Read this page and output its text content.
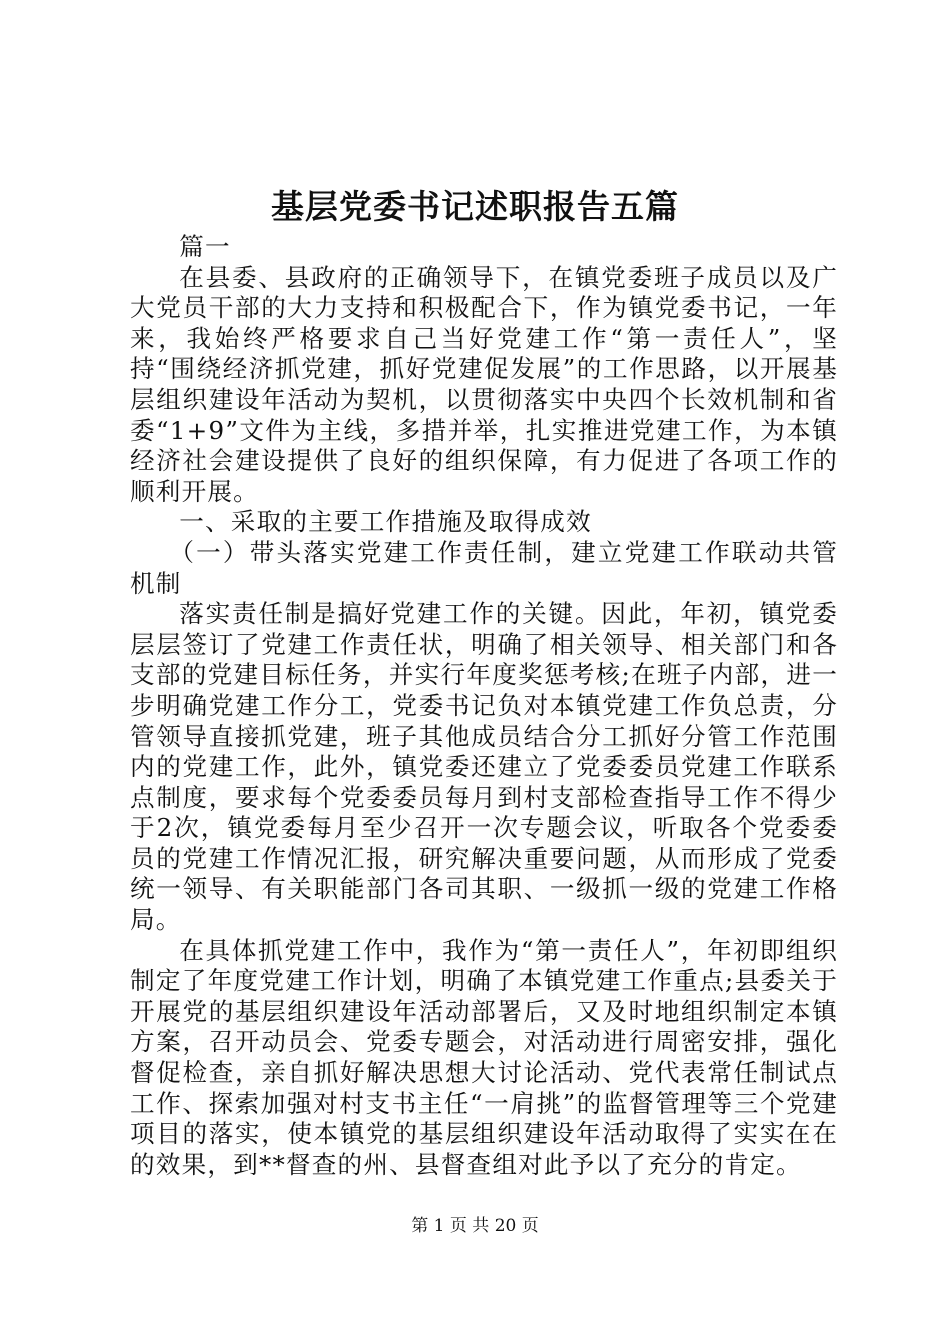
基层党委书记述职报告五篇

篇一

在县委、县政府的正确领导下，在镇党委班子成员以及广大党员干部的大力支持和积极配合下，作为镇党委书记，一年来，我始终严格要求自己当好党建工作“第一责任人”，坚持“围绕经济抓党建，抓好党建促发展”的工作思路，以开展基层组织建设年活动为契机，以贯彻落实中央四个长效机制和省委“1+9”文件为主线，多措并举，扎实推进党建工作，为本镇经济社会建设提供了良好的组织保障，有力促进了各项工作的顺利开展。

一、采取的主要工作措施及取得成效

（一）带头落实党建工作责任制，建立党建工作联动共管机制

落实责任制是搞好党建工作的关键。因此，年初，镇党委层层签订了党建工作责任状，明确了相关领导、相关部门和各支部的党建目标任务，并实行年度奖惩考核;在班子内部，进一步明确党建工作分工，党委书记负对本镇党建工作负总责，分管领导直接抓党建，班子其他成员结合分工抓好分管工作范围内的党建工作，此外，镇党委还建立了党委委员党建工作联系点制度，要求每个党委委员每月到村支部检查指导工作不得少于2次，镇党委每月至少召开一次专题会议，听取各个党委委员的党建工作情况汇报，研究解决重要问题，从而形成了党委统一领导、有关职能部门各司其职、一级抓一级的党建工作格局。

在具体抓党建工作中，我作为“第一责任人”，年初即组织制定了年度党建工作计划，明确了本镇党建工作重点;县委关于开展党的基层组织建设年活动部署后，又及时地组织制定本镇方案，召开动员会、党委专题会，对活动进行周密安排，强化督促检查，亲自抓好解决思想大讨论活动、党代表常任制试点工作、探索加强对村支书主任“一肩挑”的监督管理等三个党建项目的落实，使本镇党的基层组织建设年活动取得了实实在在的效果，到**督查的州、县督查组对此予以了充分的肯定。

第 1 页 共 20 页
